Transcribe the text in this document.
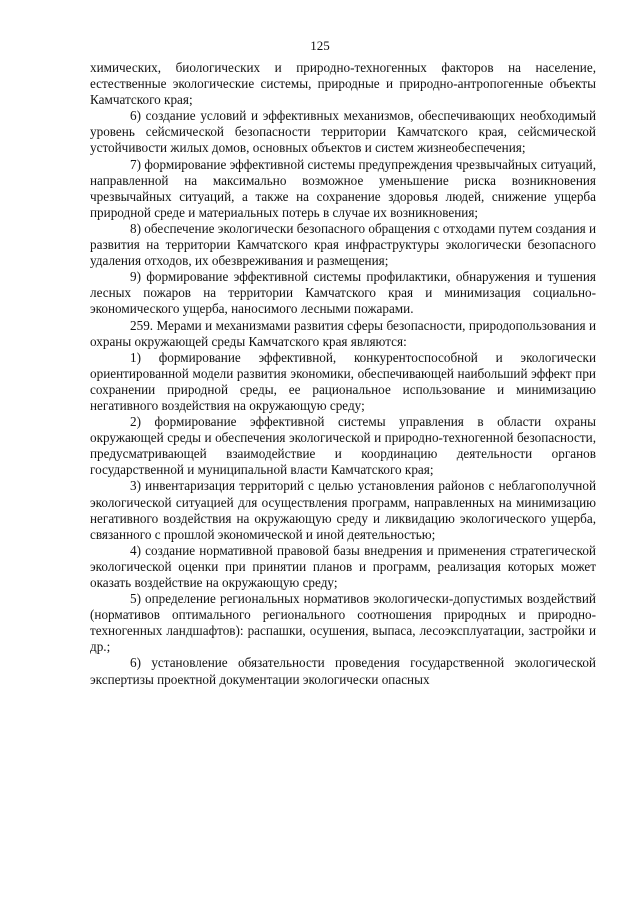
125

химических, биологических и природно-техногенных факторов на население, естественные экологические системы, природные и природно-антропогенные объекты Камчатского края;

6) создание условий и эффективных механизмов, обеспечивающих необходимый уровень сейсмической безопасности территории Камчатского края, сейсмической устойчивости жилых домов, основных объектов и систем жизнеобеспечения;

7) формирование эффективной системы предупреждения чрезвычайных ситуаций, направленной на максимально возможное уменьшение риска возникновения чрезвычайных ситуаций, а также на сохранение здоровья людей, снижение ущерба природной среде и материальных потерь в случае их возникновения;

8) обеспечение экологически безопасного обращения с отходами путем создания и развития на территории Камчатского края инфраструктуры экологически безопасного удаления отходов, их обезвреживания и размещения;

9) формирование эффективной системы профилактики, обнаружения и тушения лесных пожаров на территории Камчатского края и минимизация социально-экономического ущерба, наносимого лесными пожарами.

259. Мерами и механизмами развития сферы безопасности, природопользования и охраны окружающей среды Камчатского края являются:

1) формирование эффективной, конкурентоспособной и экологически ориентированной модели развития экономики, обеспечивающей наибольший эффект при сохранении природной среды, ее рациональное использование и минимизацию негативного воздействия на окружающую среду;

2) формирование эффективной системы управления в области охраны окружающей среды и обеспечения экологической и природно-техногенной безопасности, предусматривающей взаимодействие и координацию деятельности органов государственной и муниципальной власти Камчатского края;

3) инвентаризация территорий с целью установления районов с неблагополучной экологической ситуацией для осуществления программ, направленных на минимизацию негативного воздействия на окружающую среду и ликвидацию экологического ущерба, связанного с прошлой экономической и иной деятельностью;

4) создание нормативной правовой базы внедрения и применения стратегической экологической оценки при принятии планов и программ, реализация которых может оказать воздействие на окружающую среду;

5) определение региональных нормативов экологически-допустимых воздействий (нормативов оптимального регионального соотношения природных и природно-техногенных ландшафтов): распашки, осушения, выпаса, лесоэксплуатации, застройки и др.;

6) установление обязательности проведения государственной экологической экспертизы проектной документации экологически опасных
